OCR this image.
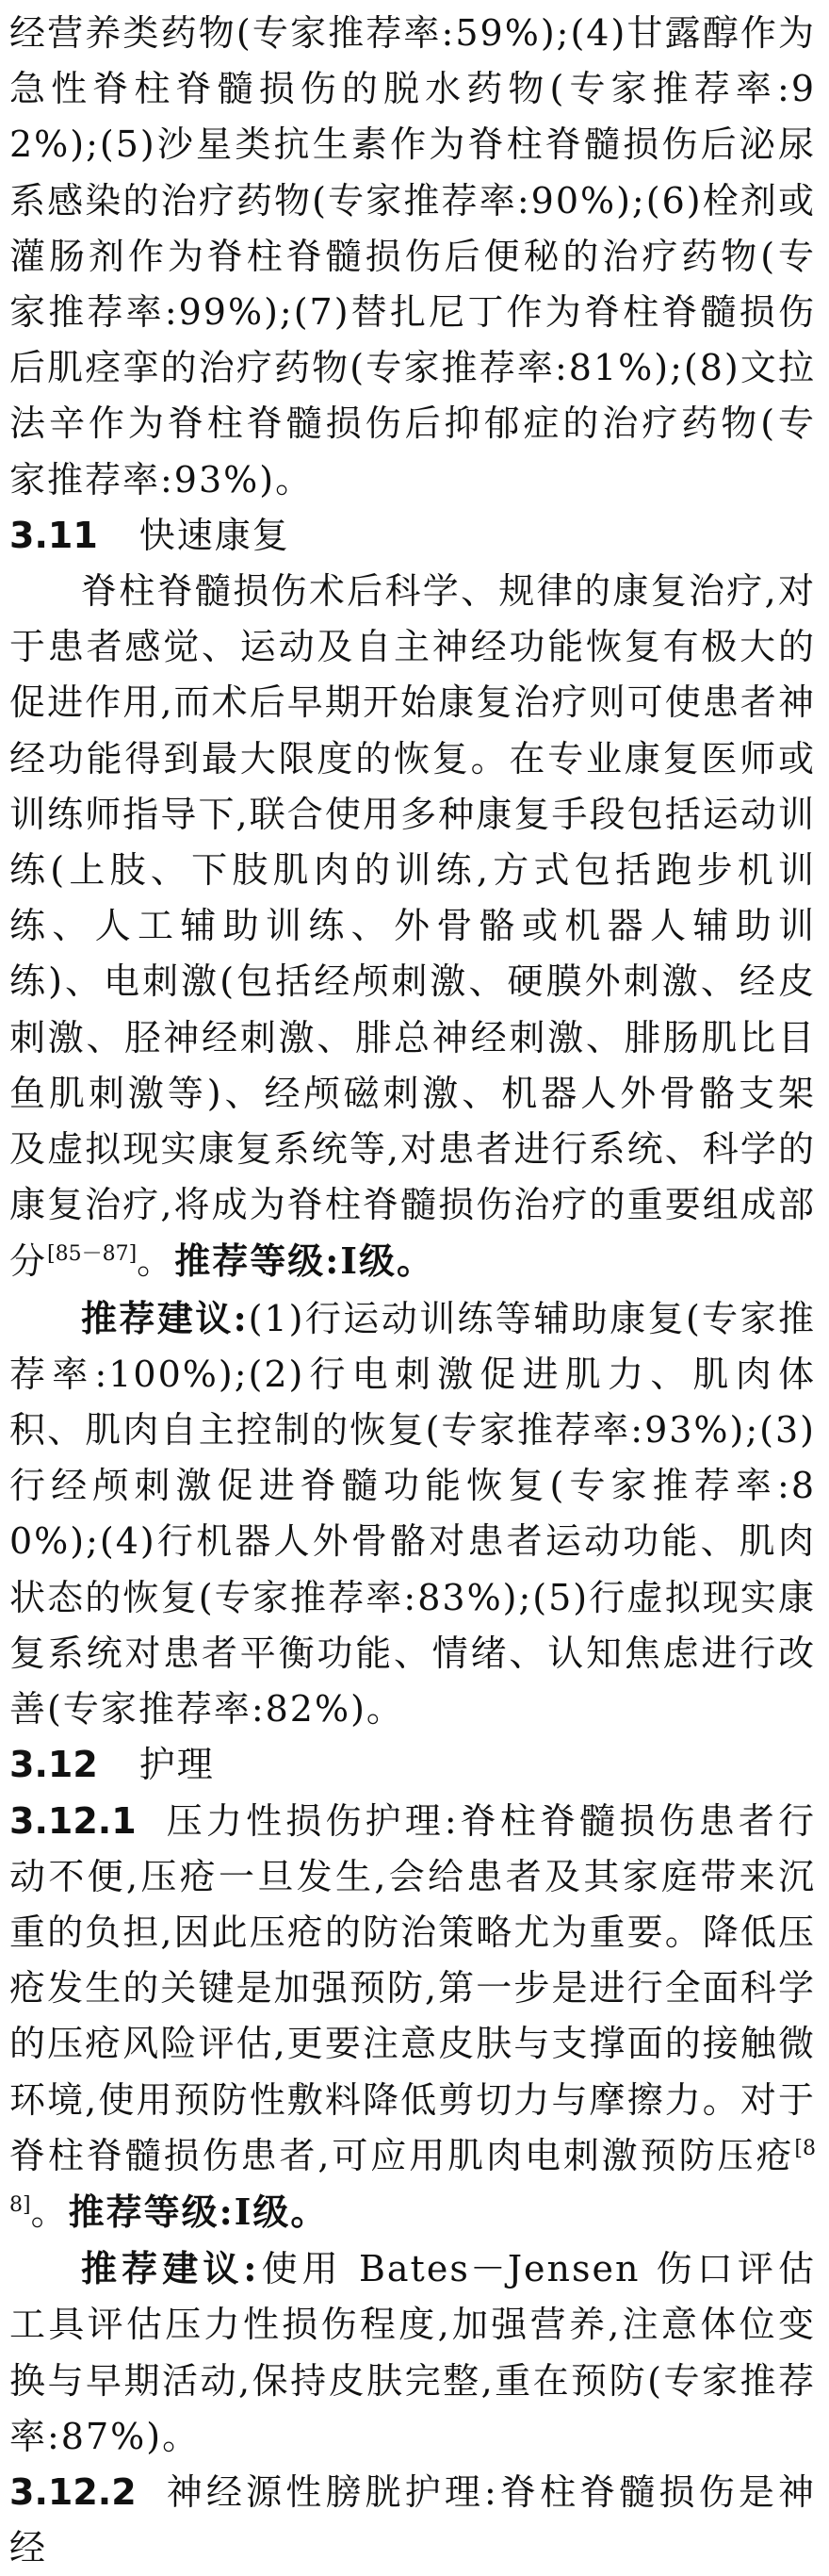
经营养类药物(专家推荐率:59%);(4)甘露醇作为急性脊柱脊髓损伤的脱水药物(专家推荐率:92%);(5)沙星类抗生素作为脊柱脊髓损伤后泌尿系感染的治疗药物(专家推荐率:90%);(6)栓剂或灌肠剂作为脊柱脊髓损伤后便秘的治疗药物(专家推荐率:99%);(7)替扎尼丁作为脊柱脊髓损伤后肌痉挛的治疗药物(专家推荐率:81%);(8)文拉法辛作为脊柱脊髓损伤后抑郁症的治疗药物(专家推荐率:93%)。

3.11 快速康复

脊柱脊髓损伤术后科学、规律的康复治疗,对于患者感觉、运动及自主神经功能恢复有极大的促进作用,而术后早期开始康复治疗则可使患者神经功能得到最大限度的恢复。在专业康复医师或训练师指导下,联合使用多种康复手段包括运动训练(上肢、下肢肌肉的训练,方式包括跑步机训练、人工辅助训练、外骨骼或机器人辅助训练)、电刺激(包括经颅刺激、硬膜外刺激、经皮刺激、胫神经刺激、腓总神经刺激、腓肠肌比目鱼肌刺激等)、经颅磁刺激、机器人外骨骼支架及虚拟现实康复系统等,对患者进行系统、科学的康复治疗,将成为脊柱脊髓损伤治疗的重要组成部分[85－87]。推荐等级:Ⅰ级。

推荐建议:(1)行运动训练等辅助康复(专家推荐率:100%);(2)行电刺激促进肌力、肌肉体积、肌肉自主控制的恢复(专家推荐率:93%);(3)行经颅刺激促进脊髓功能恢复(专家推荐率:80%);(4)行机器人外骨骼对患者运动功能、肌肉状态的恢复(专家推荐率:83%);(5)行虚拟现实康复系统对患者平衡功能、情绪、认知焦虑进行改善(专家推荐率:82%)。

3.12 护理

3.12.1 压力性损伤护理:脊柱脊髓损伤患者行动不便,压疮一旦发生,会给患者及其家庭带来沉重的负担,因此压疮的防治策略尤为重要。降低压疮发生的关键是加强预防,第一步是进行全面科学的压疮风险评估,更要注意皮肤与支撑面的接触微环境,使用预防性敷料降低剪切力与摩擦力。对于脊柱脊髓损伤患者,可应用肌肉电刺激预防压疮[88]。推荐等级:Ⅰ级。

推荐建议:使用 Bates－Jensen 伤口评估工具评估压力性损伤程度,加强营养,注意体位变换与早期活动,保持皮肤完整,重在预防(专家推荐率:87%)。

3.12.2 神经源性膀胱护理:脊柱脊髓损伤是神经
